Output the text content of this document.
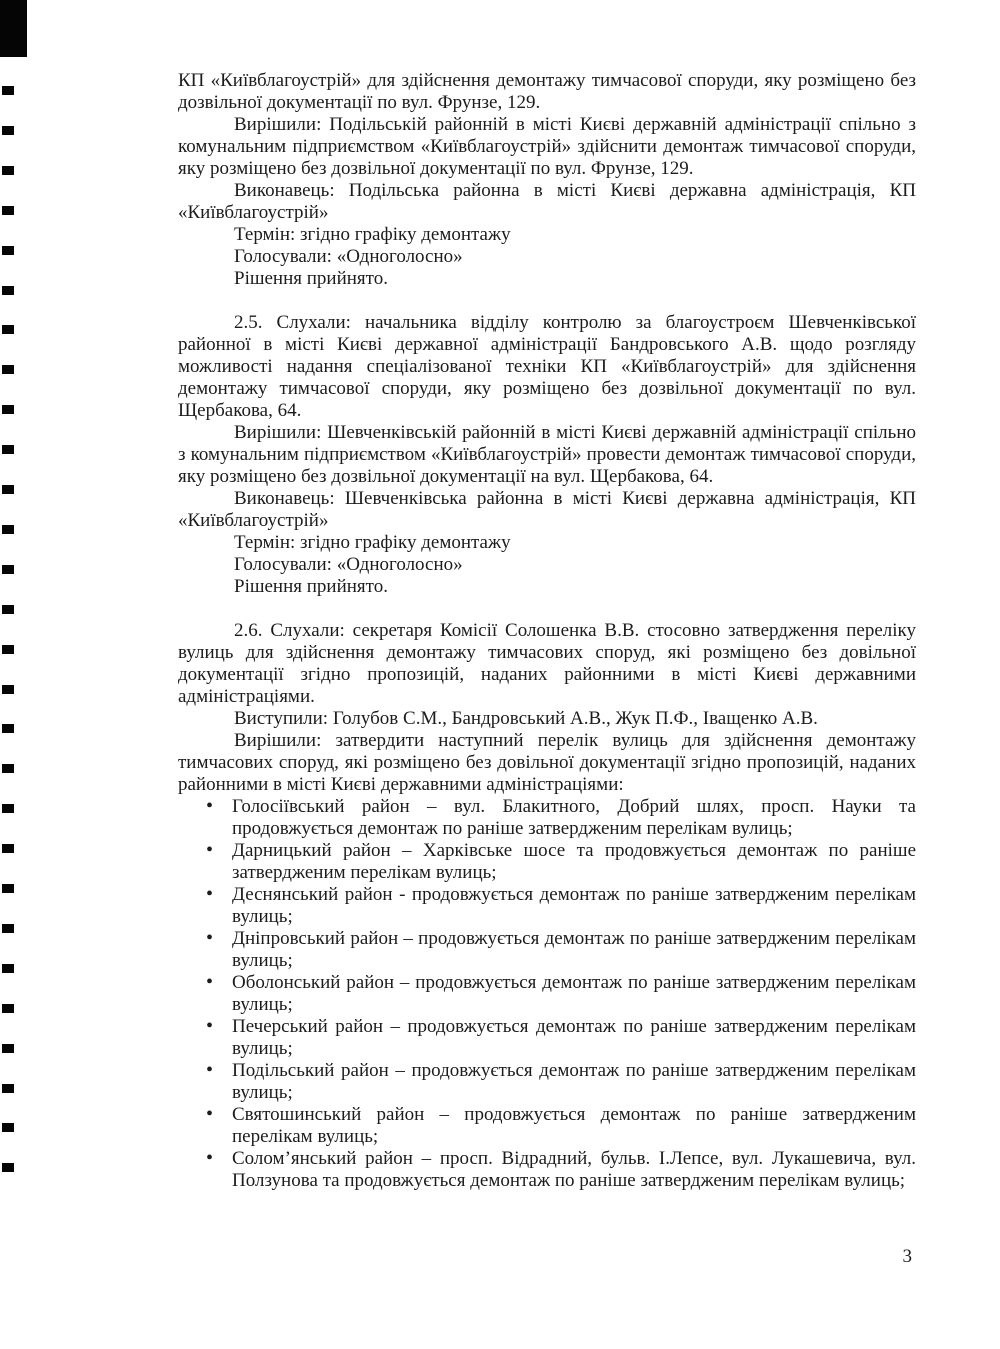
КП «Київблагоустрій» для здійснення демонтажу тимчасової споруди, яку розміщено без дозвільної документації по вул. Фрунзе, 129.

Вирішили: Подільській районній в місті Києві державній адміністрації спільно з комунальним підприємством «Київблагоустрій» здійснити демонтаж тимчасової споруди, яку розміщено без дозвільної документації по вул. Фрунзе, 129.

Виконавець: Подільська районна в місті Києві державна адміністрація, КП «Київблагоустрій»

Термін: згідно графіку демонтажу

Голосували: «Одноголосно»

Рішення прийнято.

2.5. Слухали: начальника відділу контролю за благоустроєм Шевченківської районної в місті Києві державної адміністрації Бандровського А.В. щодо розгляду можливості надання спеціалізованої техніки КП «Київблагоустрій» для здійснення демонтажу тимчасової споруди, яку розміщено без дозвільної документації по вул. Щербакова, 64.

Вирішили: Шевченківській районній в місті Києві державній адміністрації спільно з комунальним підприємством «Київблагоустрій» провести демонтаж тимчасової споруди, яку розміщено без дозвільної документації на вул. Щербакова, 64.

Виконавець: Шевченківська районна в місті Києві державна адміністрація, КП «Київблагоустрій»

Термін: згідно графіку демонтажу

Голосували: «Одноголосно»

Рішення прийнято.

2.6. Слухали: секретаря Комісії Солошенка В.В. стосовно затвердження переліку вулиць для здійснення демонтажу тимчасових споруд, які розміщено без довільної документації згідно пропозицій, наданих районними в місті Києві державними адміністраціями.

Виступили: Голубов С.М., Бандровський А.В., Жук П.Ф., Іващенко А.В.

Вирішили: затвердити наступний перелік вулиць для здійснення демонтажу тимчасових споруд, які розміщено без довільної документації згідно пропозицій, наданих районними в місті Києві державними адміністраціями:

• Голосіївський район – вул. Блакитного, Добрий шлях, просп. Науки та продовжується демонтаж по раніше затвердженим перелікам вулиць;
• Дарницький район – Харківське шосе та продовжується демонтаж по раніше затвердженим перелікам вулиць;
• Деснянський район - продовжується демонтаж по раніше затвердженим перелікам вулиць;
• Дніпровський район – продовжується демонтаж по раніше затвердженим перелікам вулиць;
• Оболонський район – продовжується демонтаж по раніше затвердженим перелікам вулиць;
• Печерський район – продовжується демонтаж по раніше затвердженим перелікам вулиць;
• Подільський район – продовжується демонтаж по раніше затвердженим перелікам вулиць;
• Святошинський район – продовжується демонтаж по раніше затвердженим перелікам вулиць;
• Солом’янський район – просп. Відрадний, бульв. І.Лепсе, вул. Лукашевича, вул. Ползунова та продовжується демонтаж по раніше затвердженим перелікам вулиць;
3
